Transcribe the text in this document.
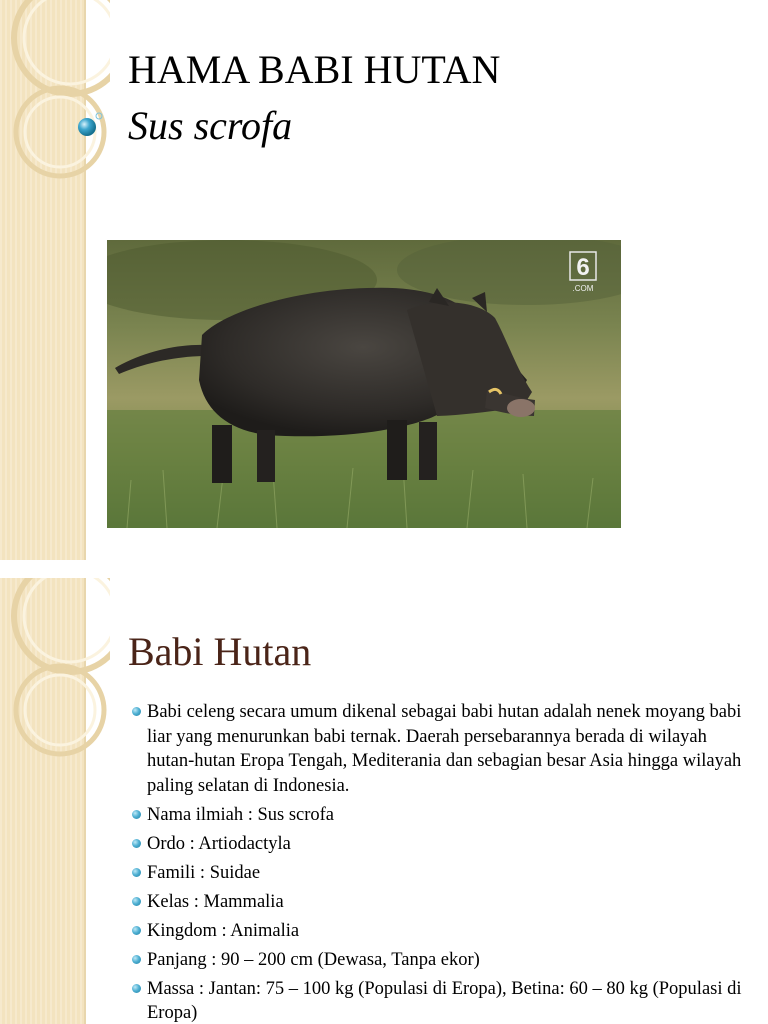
HAMA BABI HUTAN
Sus scrofa
6
.COM
Babi Hutan
Babi celeng secara umum dikenal sebagai babi hutan adalah nenek moyang babi liar yang menurunkan babi ternak. Daerah persebarannya berada di wilayah hutan-hutan Eropa Tengah, Mediterania dan sebagian besar Asia hingga wilayah paling selatan di Indonesia.
Nama ilmiah : Sus scrofa
Ordo : Artiodactyla
Famili : Suidae
Kelas : Mammalia
Kingdom : Animalia
Panjang : 90 – 200 cm (Dewasa, Tanpa ekor)
Massa : Jantan: 75 – 100 kg (Populasi di Eropa), Betina: 60 – 80 kg (Populasi di Eropa)
